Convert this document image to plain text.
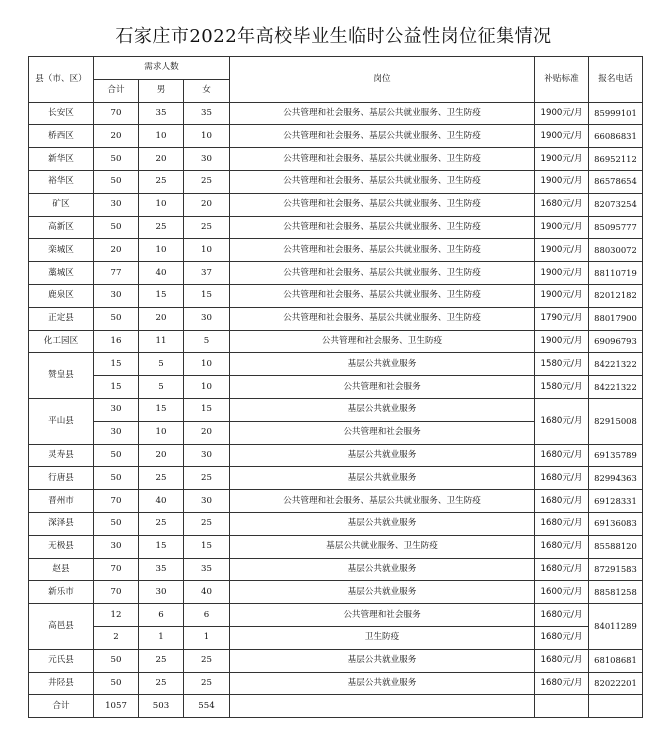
石家庄市2022年高校毕业生临时公益性岗位征集情况
县（市、区）	需求人数			岗位	补贴标准	报名电话
	合计	男	女			
长安区	70	35	35	公共管理和社会服务、基层公共就业服务、卫生防疫	1900元/月	85999101
桥西区	20	10	10	公共管理和社会服务、基层公共就业服务、卫生防疫	1900元/月	66086831
新华区	50	20	30	公共管理和社会服务、基层公共就业服务、卫生防疫	1900元/月	86952112
裕华区	50	25	25	公共管理和社会服务、基层公共就业服务、卫生防疫	1900元/月	86578654
矿区	30	10	20	公共管理和社会服务、基层公共就业服务、卫生防疫	1680元/月	82073254
高新区	50	25	25	公共管理和社会服务、基层公共就业服务、卫生防疫	1900元/月	85095777
栾城区	20	10	10	公共管理和社会服务、基层公共就业服务、卫生防疫	1900元/月	88030072
藁城区	77	40	37	公共管理和社会服务、基层公共就业服务、卫生防疫	1900元/月	88110719
鹿泉区	30	15	15	公共管理和社会服务、基层公共就业服务、卫生防疫	1900元/月	82012182
正定县	50	20	30	公共管理和社会服务、基层公共就业服务、卫生防疫	1790元/月	88017900
化工园区	16	11	5	公共管理和社会服务、卫生防疫	1900元/月	69096793
赞皇县	15	5	10	基层公共就业服务	1580元/月	84221322
	15	5	10	公共管理和社会服务	1580元/月	84221322
平山县	30	15	15	基层公共就业服务	1680元/月	82915008
	30	10	20	公共管理和社会服务		
灵寿县	50	20	30	基层公共就业服务	1680元/月	69135789
行唐县	50	25	25	基层公共就业服务	1680元/月	82994363
晋州市	70	40	30	公共管理和社会服务、基层公共就业服务、卫生防疫	1680元/月	69128331
深泽县	50	25	25	基层公共就业服务	1680元/月	69136083
无极县	30	15	15	基层公共就业服务、卫生防疫	1680元/月	85588120
赵县	70	35	35	基层公共就业服务	1680元/月	87291583
新乐市	70	30	40	基层公共就业服务	1600元/月	88581258
高邑县	12	6	6	公共管理和社会服务	1680元/月	84011289
	2	1	1	卫生防疫	1680元/月	
元氏县	50	25	25	基层公共就业服务	1680元/月	68108681
井陉县	50	25	25	基层公共就业服务	1680元/月	82022201
合计	1057	503	554			
